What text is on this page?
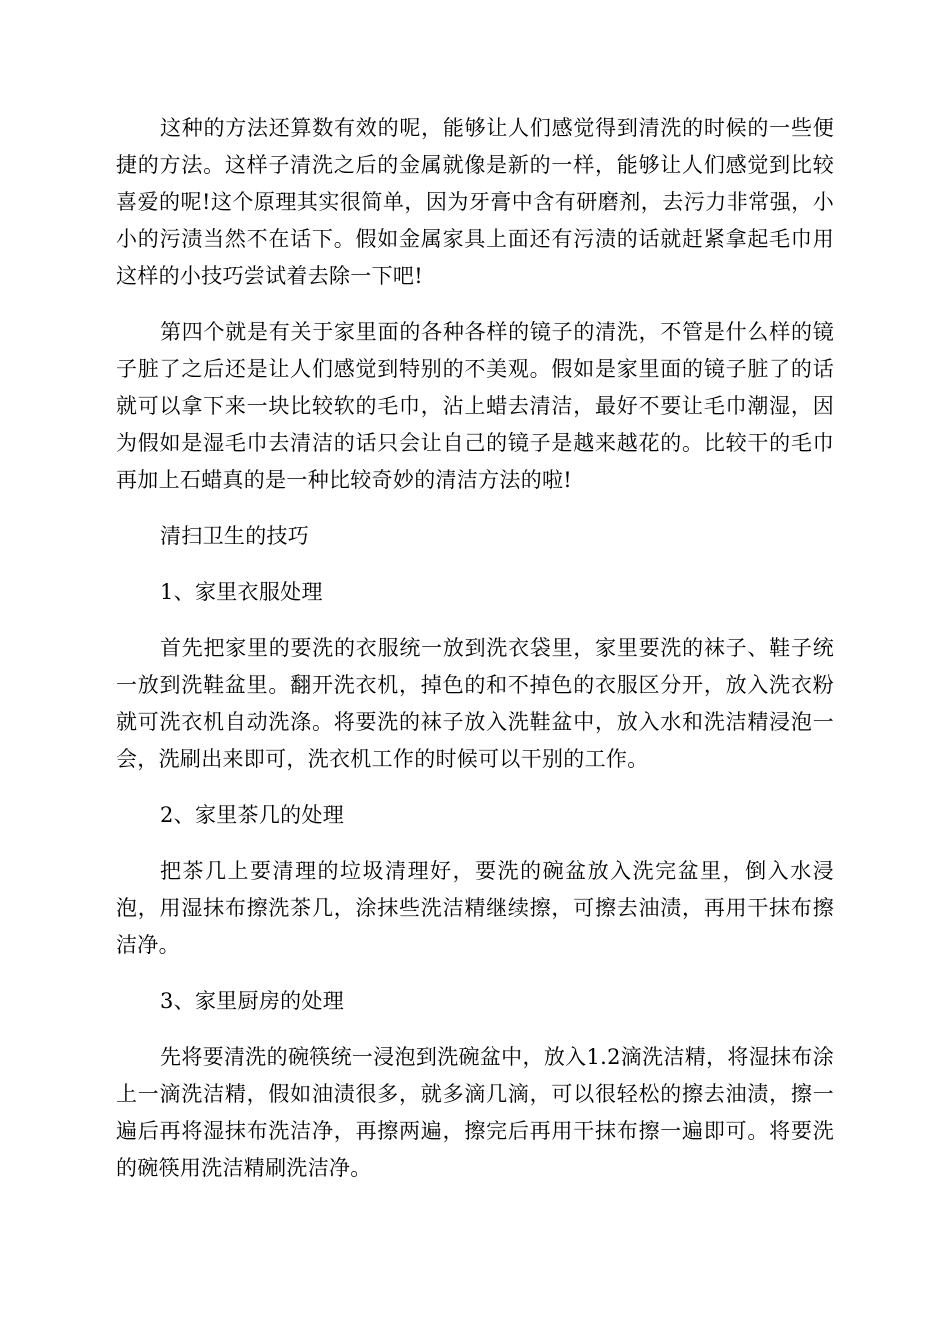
这种的方法还算数有效的呢，能够让人们感觉得到清洗的时候的一些便捷的方法。这样子清洗之后的金属就像是新的一样，能够让人们感觉到比较喜爱的呢!这个原理其实很简单，因为牙膏中含有研磨剂，去污力非常强，小小的污渍当然不在话下。假如金属家具上面还有污渍的话就赶紧拿起毛巾用这样的小技巧尝试着去除一下吧!

第四个就是有关于家里面的各种各样的镜子的清洗，不管是什么样的镜子脏了之后还是让人们感觉到特别的不美观。假如是家里面的镜子脏了的话就可以拿下来一块比较软的毛巾，沾上蜡去清洁，最好不要让毛巾潮湿，因为假如是湿毛巾去清洁的话只会让自己的镜子是越来越花的。比较干的毛巾再加上石蜡真的是一种比较奇妙的清洁方法的啦!

清扫卫生的技巧

1、家里衣服处理

首先把家里的要洗的衣服统一放到洗衣袋里，家里要洗的袜子、鞋子统一放到洗鞋盆里。翻开洗衣机，掉色的和不掉色的衣服区分开，放入洗衣粉就可洗衣机自动洗涤。将要洗的袜子放入洗鞋盆中，放入水和洗洁精浸泡一会，洗刷出来即可，洗衣机工作的时候可以干别的工作。

2、家里茶几的处理

把茶几上要清理的垃圾清理好，要洗的碗盆放入洗完盆里，倒入水浸泡，用湿抹布擦洗茶几，涂抹些洗洁精继续擦，可擦去油渍，再用干抹布擦洁净。

3、家里厨房的处理

先将要清洗的碗筷统一浸泡到洗碗盆中，放入1.2滴洗洁精，将湿抹布涂上一滴洗洁精，假如油渍很多，就多滴几滴，可以很轻松的擦去油渍，擦一遍后再将湿抹布洗洁净，再擦两遍，擦完后再用干抹布擦一遍即可。将要洗的碗筷用洗洁精刷洗洁净。
